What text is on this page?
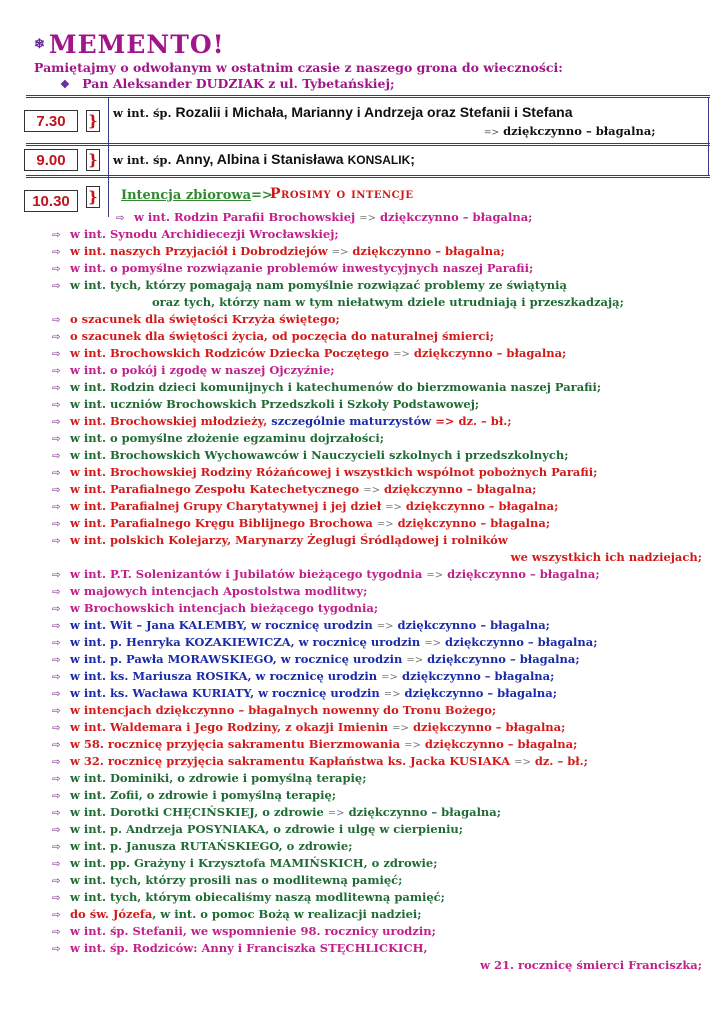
❄ MEMENTO!
Pamiętajmy o odwołanym w ostatnim czasie z naszego grona do wieczności:
❖ Pan Aleksander DUDZIAK z ul. Tybetańskiej;
7.30	} w int. śp. Rozalii i Michała, Marianny i Andrzeja oraz Stefanii i Stefana
=> dziękczynno – błagalna;
9.00	} w int. śp. Anny, Albina i Stanisława KONSALIK;
10.30	} Intencja zbiorowa =>
Prosimy o intencje
⇨ w int. Rodzin Parafii Brochowskiej => dziękczynno – błagalna;
⇨ w int. Synodu Archidiecezji Wrocławskiej;
⇨ w int. naszych Przyjaciół i Dobrodziejów => dziękczynno – błagalna;
⇨ w int. o pomyślne rozwiązanie problemów inwestycyjnych naszej Parafii;
⇨ w int. tych, którzy pomagają nam pomyślnie rozwiązać problemy ze świątynią
oraz tych, którzy nam w tym niełatwym dziele utrudniają i przeszkadzają;
⇨ o szacunek dla świętości Krzyża świętego;
⇨ o szacunek dla świętości życia, od poczęcia do naturalnej śmierci;
⇨ w int. Brochowskich Rodziców Dziecka Poczętego => dziękczynno – błagalna;
⇨ w int. o pokój i zgodę w naszej Ojczyźnie;
⇨ w int. Rodzin dzieci komunijnych i katechumenów do bierzmowania naszej Parafii;
⇨ w int. uczniów Brochowskich Przedszkoli i Szkoły Podstawowej;
⇨ w int. Brochowskiej młodzieży, szczególnie maturzystów => dz. – bł.;
⇨ w int. o pomyślne złożenie egzaminu dojrzałości;
⇨ w int. Brochowskich Wychowawców i Nauczycieli szkolnych i przedszkolnych;
⇨ w int. Brochowskiej Rodziny Różańcowej i wszystkich wspólnot pobożnych Parafii;
⇨ w int. Parafialnego Zespołu Katechetycznego => dziękczynno – błagalna;
⇨ w int. Parafialnej Grupy Charytatywnej i jej dzieł => dziękczynno – błagalna;
⇨ w int. Parafialnego Kręgu Biblijnego Brochowa => dziękczynno – błagalna;
⇨ w int. polskich Kolejarzy, Marynarzy Żeglugi Śródlądowej i rolników
we wszystkich ich nadziejach;
⇨ w int. P.T. Solenizantów i Jubilatów bieżącego tygodnia => dziękczynno – błagalna;
⇨ w majowych intencjach Apostolstwa modlitwy;
⇨ w Brochowskich intencjach bieżącego tygodnia;
⇨ w int. Wit – Jana KALEMBY, w rocznicę urodzin => dziękczynno – błagalna;
⇨ w int. p. Henryka KOZAKIEWICZA, w rocznicę urodzin => dziękczynno – błagalna;
⇨ w int. p. Pawła MORAWSKIEGO, w rocznicę urodzin => dziękczynno – błagalna;
⇨ w int. ks. Mariusza ROSIKA, w rocznicę urodzin => dziękczynno – błagalna;
⇨ w int. ks. Wacława KURIATY, w rocznicę urodzin => dziękczynno – błagalna;
⇨ w intencjach dziękczynno – błagalnych nowenny do Tronu Bożego;
⇨ w int. Waldemara i Jego Rodziny, z okazji Imienin => dziękczynno – błagalna;
⇨ w 58. rocznicę przyjęcia sakramentu Bierzmowania => dziękczynno – błagalna;
⇨ w 32. rocznicę przyjęcia sakramentu Kapłaństwa ks. Jacka KUSIAKA => dz. – bł.;
⇨ w int. Dominiki, o zdrowie i pomyślną terapię;
⇨ w int. Zofii, o zdrowie i pomyślną terapię;
⇨ w int. Dorotki CHĘCIŃSKIEJ, o zdrowie => dziękczynno – błagalna;
⇨ w int. p. Andrzeja POSYNIAKA, o zdrowie i ulgę w cierpieniu;
⇨ w int. p. Janusza RUTAŃSKIEGO, o zdrowie;
⇨ w int. pp. Grażyny i Krzysztofa MAMIŃSKICH, o zdrowie;
⇨ w int. tych, którzy prosili nas o modlitewną pamięć;
⇨ w int. tych, którym obiecaliśmy naszą modlitewną pamięć;
⇨ do św. Józefa, w int. o pomoc Bożą w realizacji nadziei;
⇨ w int. śp. Stefanii, we wspomnienie 98. rocznicy urodzin;
⇨ w int. śp. Rodziców: Anny i Franciszka STĘCHLICKICH,
w 21. rocznicę śmierci Franciszka;
